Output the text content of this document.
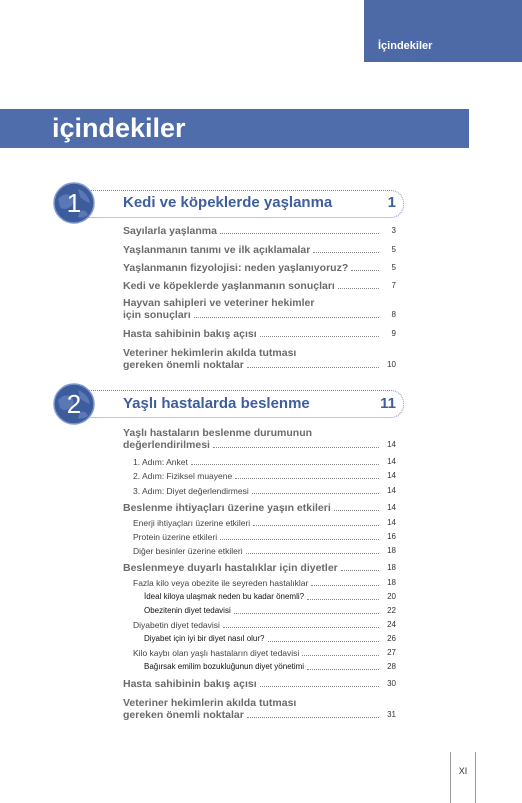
İçindekiler
içindekiler
1	Kedi ve köpeklerde yaşlanma	1
Sayılarla yaşlanma	3
Yaşlanmanın tanımı ve ilk açıklamalar	5
Yaşlanmanın fizyolojisi: neden yaşlanıyoruz?	5
Kedi ve köpeklerde yaşlanmanın sonuçları	7
Hayvan sahipleri ve veteriner hekimler
için sonuçları	8
Hasta sahibinin bakış açısı	9
Veteriner hekimlerin akılda tutması
gereken önemli noktalar	10
2	Yaşlı hastalarda beslenme	11
Yaşlı hastaların beslenme durumunun
değerlendirilmesi	14
1. Adım: Anket	14
2. Adım: Fiziksel muayene	14
3. Adım: Diyet değerlendirmesi	14
Beslenme ihtiyaçları üzerine yaşın etkileri	14
Enerji ihtiyaçları üzerine etkileri	14
Protein üzerine etkileri	16
Diğer besinler üzerine etkileri	18
Beslenmeye duyarlı hastalıklar için diyetler	18
Fazla kilo veya obezite ile seyreden hastalıklar	18
İdeal kiloya ulaşmak neden bu kadar önemli?	20
Obezitenin diyet tedavisi	22
Diyabetin diyet tedavisi	24
Diyabet için iyi bir diyet nasıl olur?	26
Kilo kaybı olan yaşlı hastaların diyet tedavisi	27
Bağırsak emilim bozukluğunun diyet yönetimi	28
Hasta sahibinin bakış açısı	30
Veteriner hekimlerin akılda tutması
gereken önemli noktalar	31
XI
